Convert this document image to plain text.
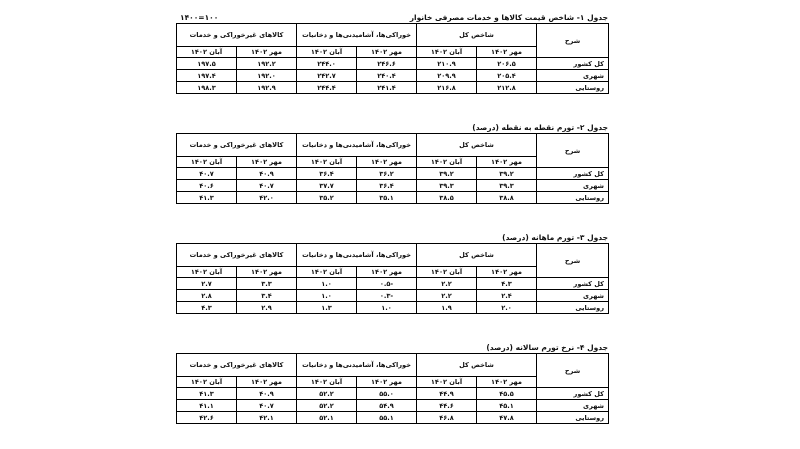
جدول ۱- شاخص قیمت کالاها و خدمات مصرفی خانوار
۱۴۰۰=۱۰۰
شرح	شاخص کل		خوراکی‌ها، آشامیدنی‌ها و دخانیات		کالاهای غیرخوراکی و خدمات	
	مهر ۱۴۰۲	آبان ۱۴۰۲	مهر ۱۴۰۲	آبان ۱۴۰۲	مهر ۱۴۰۲	آبان ۱۴۰۲
کل کشور	۲۰۶.۵	۲۱۰.۹	۲۴۶.۶	۲۴۴.۰	۱۹۲.۲	۱۹۷.۵
شهری	۲۰۵.۴	۲۰۹.۹	۲۴۰.۴	۲۴۲.۷	۱۹۲.۰	۱۹۷.۴
روستایی	۲۱۲.۸	۲۱۶.۸	۲۴۱.۴	۲۴۴.۴	۱۹۲.۹	۱۹۸.۳
جدول ۲- تورم نقطه به نقطه (درصد)
شرح	شاخص کل		خوراکی‌ها، آشامیدنی‌ها و دخانیات		کالاهای غیرخوراکی و خدمات	
	مهر ۱۴۰۲	آبان ۱۴۰۲	مهر ۱۴۰۲	آبان ۱۴۰۲	مهر ۱۴۰۲	آبان ۱۴۰۲
کل کشور	۳۹.۲	۳۹.۲	۳۶.۲	۳۶.۴	۴۰.۹	۴۰.۷
شهری	۳۹.۳	۳۹.۳	۳۶.۴	۳۷.۷	۴۰.۷	۴۰.۶
روستایی	۳۸.۸	۳۸.۵	۳۵.۱	۳۵.۲	۴۲.۰	۴۱.۳
جدول ۳- تورم ماهانه (درصد)
شرح	شاخص کل		خوراکی‌ها، آشامیدنی‌ها و دخانیات		کالاهای غیرخوراکی و خدمات	
	مهر ۱۴۰۲	آبان ۱۴۰۲	مهر ۱۴۰۲	آبان ۱۴۰۲	مهر ۱۴۰۲	آبان ۱۴۰۲
کل کشور	۴.۳	۲.۲	-۰.۵	۱.۰	۳.۳	۲.۷
شهری	۲.۴	۲.۲	-۰.۳	۱.۰	۳.۴	۲.۸
روستایی	۲.۰	۱.۹	۱.۰	۱.۳	۲.۹	۴.۳
جدول ۴- نرخ تورم سالانه (درصد)
شرح	شاخص کل		خوراکی‌ها، آشامیدنی‌ها و دخانیات		کالاهای غیرخوراکی و خدمات	
	مهر ۱۴۰۲	آبان ۱۴۰۲	مهر ۱۴۰۲	آبان ۱۴۰۲	مهر ۱۴۰۲	آبان ۱۴۰۲
کل کشور	۴۵.۵	۴۴.۹	۵۵.۰	۵۲.۲	۴۰.۹	۴۱.۳
شهری	۴۵.۱	۴۴.۶	۵۴.۹	۵۲.۲	۴۰.۷	۴۱.۱
روستایی	۴۷.۸	۴۶.۸	۵۵.۱	۵۲.۱	۴۲.۱	۴۲.۶
